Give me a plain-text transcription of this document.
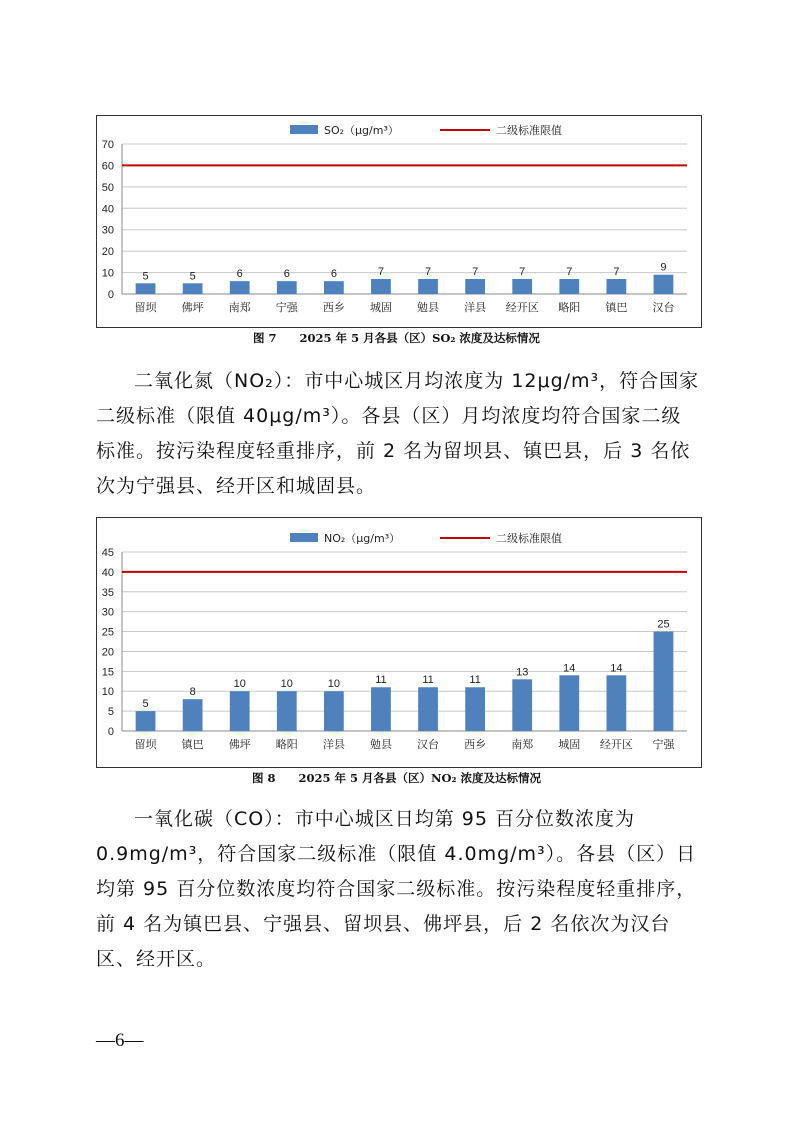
SO₂（μg/m³）	二级标准限值
0
10
20
30
40
50
60
70
5
留坝
5
佛坪
6
南郑
6
宁强
6
西乡
7
城固
7
勉县
7
洋县
7
经开区
7
略阳
7
镇巴
9
汉台
图 7　　2025 年 5 月各县（区）SO₂ 浓度及达标情况
二氧化氮（NO₂）：市中心城区月均浓度为 12μg/m³，符合国家二级标准（限值 40μg/m³）。各县（区）月均浓度均符合国家二级标准。按污染程度轻重排序，前 2 名为留坝县、镇巴县，后 3 名依次为宁强县、经开区和城固县。
NO₂（μg/m³）	二级标准限值
0
5
10
15
20
25
30
35
40
45
5
留坝
8
镇巴
10
佛坪
10
略阳
10
洋县
11
勉县
11
汉台
11
西乡
13
南郑
14
城固
14
经开区
25
宁强
图 8　　2025 年 5 月各县（区）NO₂ 浓度及达标情况
一氧化碳（CO）：市中心城区日均第 95 百分位数浓度为 0.9mg/m³，符合国家二级标准（限值 4.0mg/m³）。各县（区）日均第 95 百分位数浓度均符合国家二级标准。按污染程度轻重排序，前 4 名为镇巴县、宁强县、留坝县、佛坪县，后 2 名依次为汉台区、经开区。
—6—
